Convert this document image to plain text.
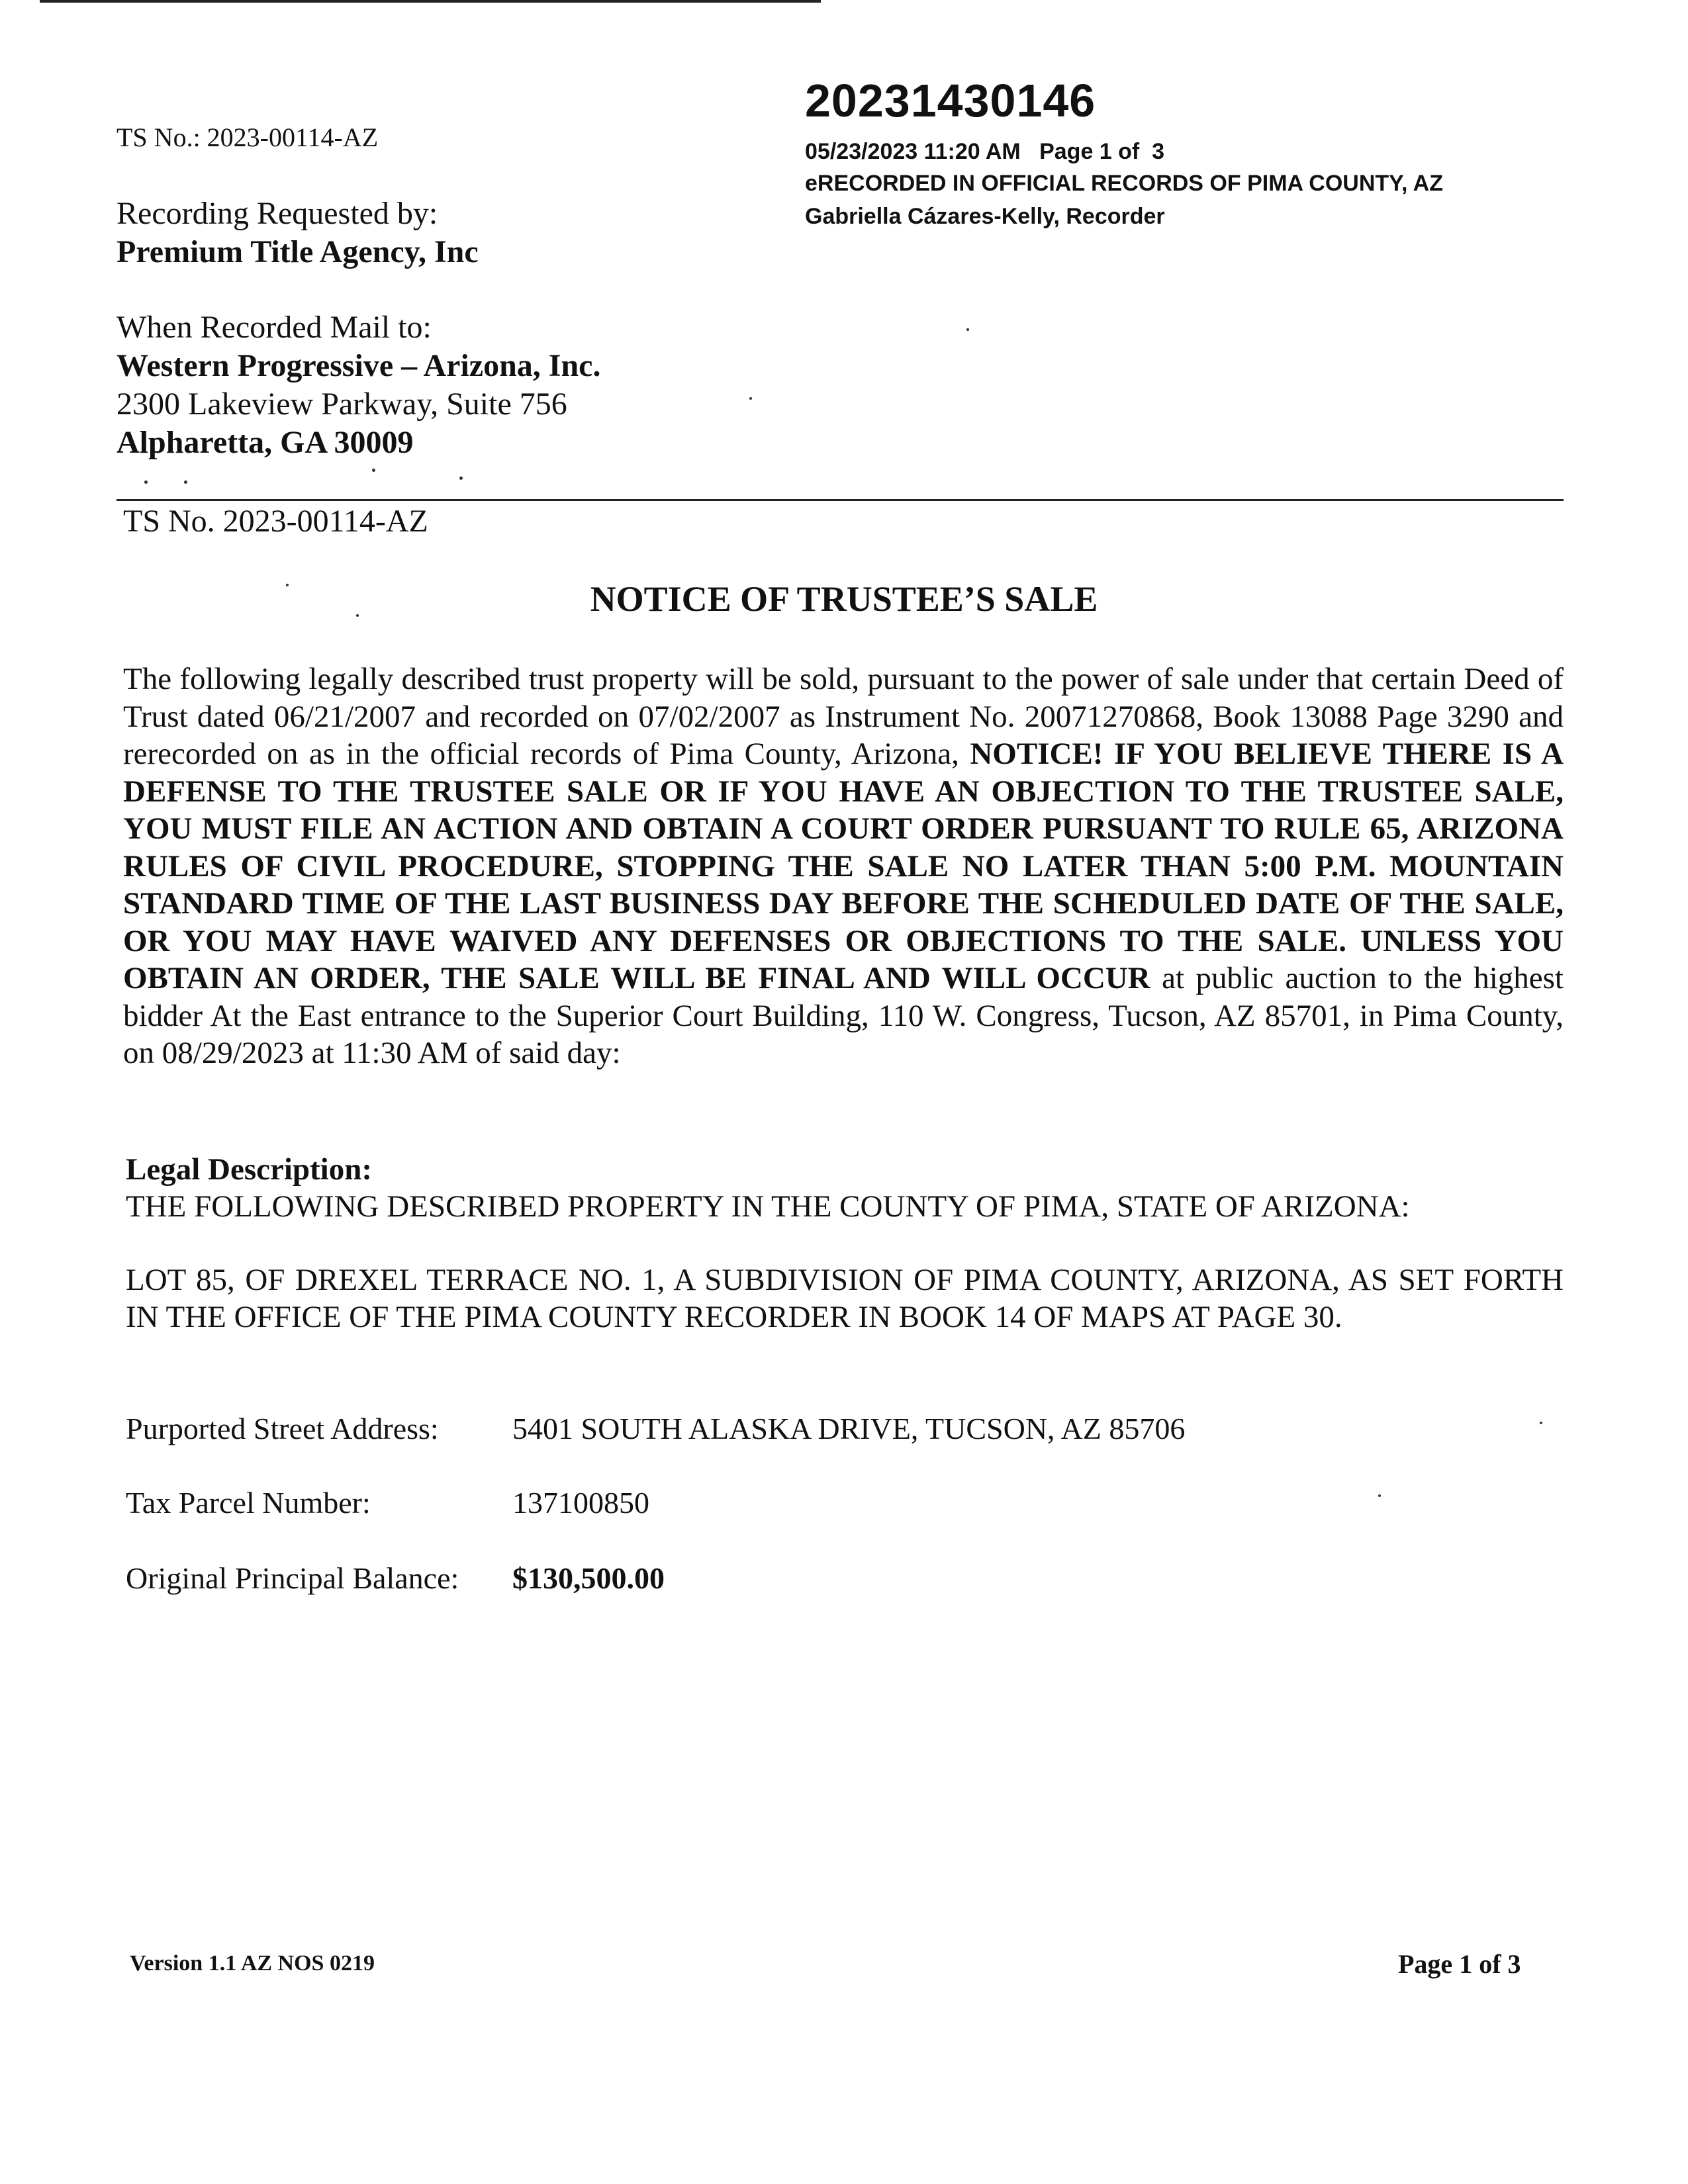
TS No.: 2023-00114-AZ
20231430146
05/23/2023 11:20 AM   Page 1 of  3
eRECORDED IN OFFICIAL RECORDS OF PIMA COUNTY, AZ
Gabriella Cázares-Kelly, Recorder
Recording Requested by:
Premium Title Agency, Inc
When Recorded Mail to:
Western Progressive – Arizona, Inc.
2300 Lakeview Parkway, Suite 756
Alpharetta, GA 30009
TS No. 2023-00114-AZ
NOTICE OF TRUSTEE’S SALE
The following legally described trust property will be sold, pursuant to the power of sale under that certain Deed of Trust dated 06/21/2007 and recorded on 07/02/2007 as Instrument No. 20071270868, Book 13088 Page 3290 and rerecorded on as in the official records of Pima County, Arizona, NOTICE! IF YOU BELIEVE THERE IS A DEFENSE TO THE TRUSTEE SALE OR IF YOU HAVE AN OBJECTION TO THE TRUSTEE SALE, YOU MUST FILE AN ACTION AND OBTAIN A COURT ORDER PURSUANT TO RULE 65, ARIZONA RULES OF CIVIL PROCEDURE, STOPPING THE SALE NO LATER THAN 5:00 P.M. MOUNTAIN STANDARD TIME OF THE LAST BUSINESS DAY BEFORE THE SCHEDULED DATE OF THE SALE, OR YOU MAY HAVE WAIVED ANY DEFENSES OR OBJECTIONS TO THE SALE. UNLESS YOU OBTAIN AN ORDER, THE SALE WILL BE FINAL AND WILL OCCUR at public auction to the highest bidder At the East entrance to the Superior Court Building, 110 W. Congress, Tucson, AZ 85701, in Pima County, on 08/29/2023 at 11:30 AM of said day:
Legal Description:
THE FOLLOWING DESCRIBED PROPERTY IN THE COUNTY OF PIMA, STATE OF ARIZONA:
LOT 85, OF DREXEL TERRACE NO. 1, A SUBDIVISION OF PIMA COUNTY, ARIZONA, AS SET FORTH IN THE OFFICE OF THE PIMA COUNTY RECORDER IN BOOK 14 OF MAPS AT PAGE 30.
Purported Street Address: 5401 SOUTH ALASKA DRIVE, TUCSON, AZ 85706
Tax Parcel Number:	137100850
Original Principal Balance: $130,500.00
Version 1.1 AZ NOS 0219	Page 1 of 3
